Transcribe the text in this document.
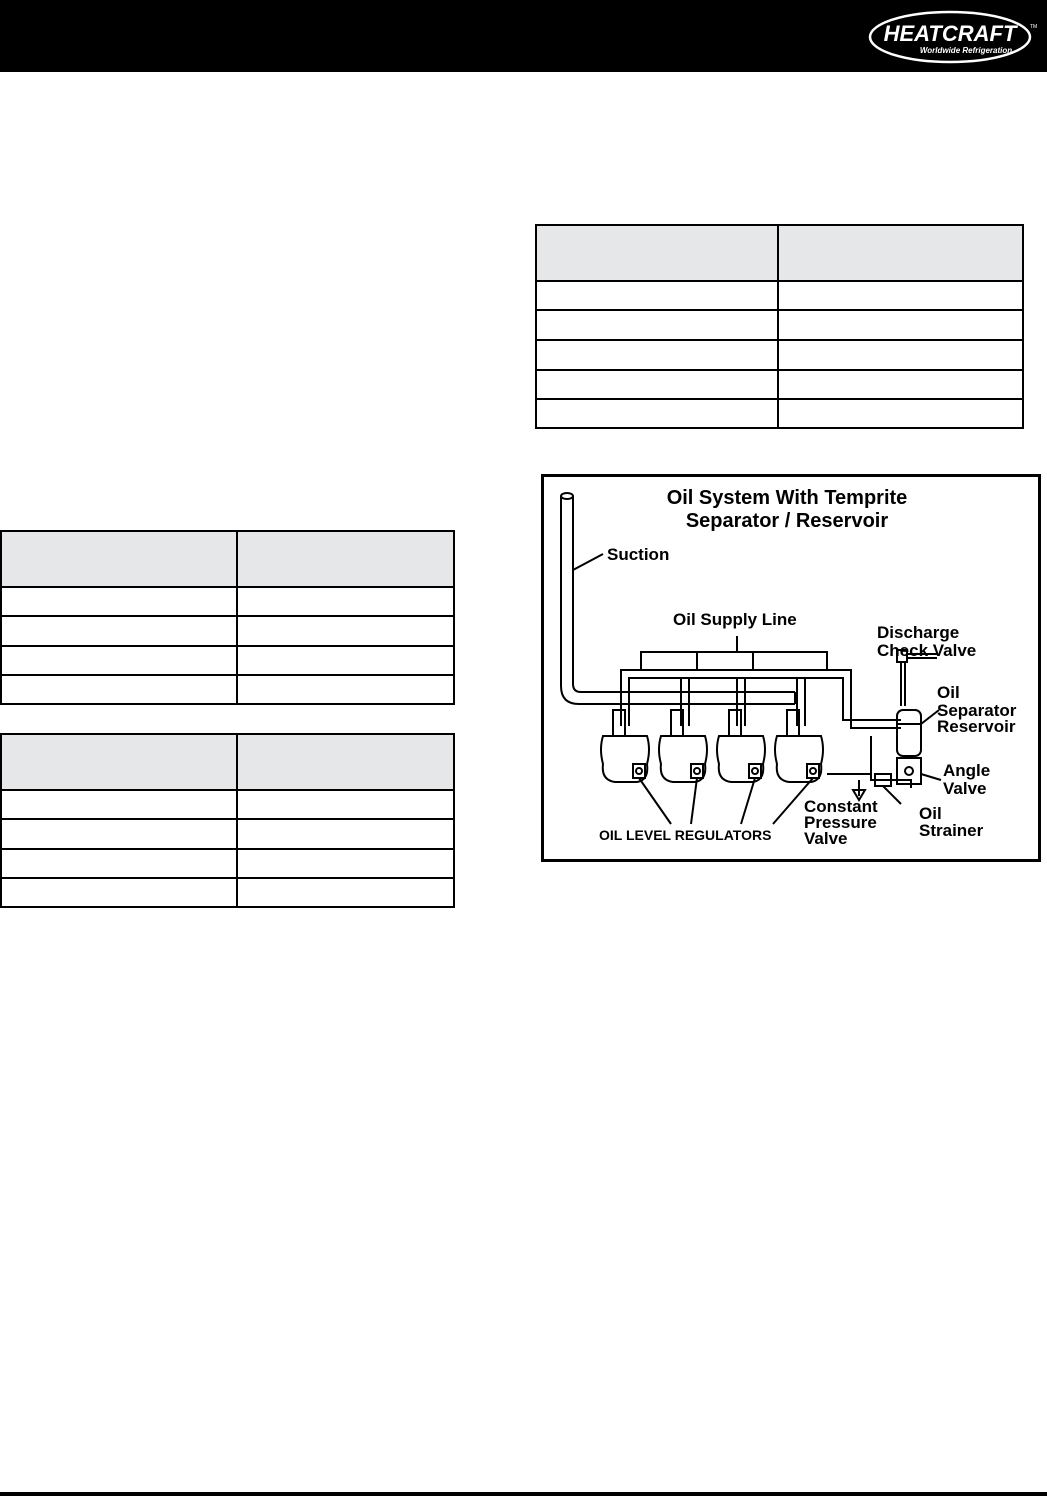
HEATCRAFT
Worldwide Refrigeration
TM

Oil System With Temprite
Separator / Reservoir
Suction
Oil Supply Line
Discharge
Check Valve
Oil
Separator
Reservoir
Angle
Valve
Constant
Pressure
Valve
Oil
Strainer
OIL LEVEL REGULATORS
